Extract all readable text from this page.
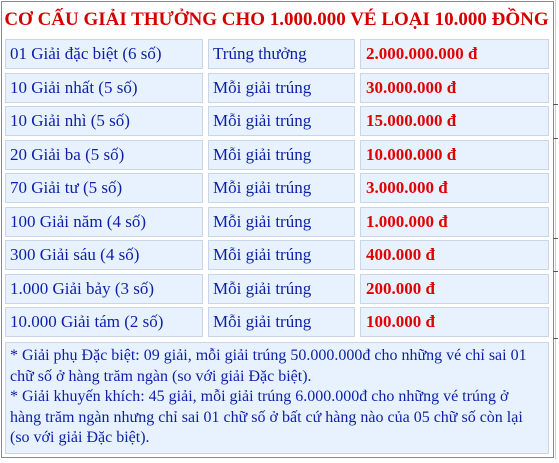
CƠ CẤU GIẢI THƯỞNG CHO 1.000.000 VÉ LOẠI 10.000 ĐỒNG
01 Giải đặc biệt (6 số)	Trúng thưởng	2.000.000.000 đ
10 Giải nhất (5 số)	Mỗi giải trúng	30.000.000 đ
10 Giải nhì (5 số)	Mỗi giải trúng	15.000.000 đ
20 Giải ba (5 số)	Mỗi giải trúng	10.000.000 đ
70 Giải tư (5 số)	Mỗi giải trúng	3.000.000 đ
100 Giải năm (4 số)	Mỗi giải trúng	1.000.000 đ
300 Giải sáu (4 số)	Mỗi giải trúng	400.000 đ
1.000 Giải bảy (3 số)	Mỗi giải trúng	200.000 đ
10.000 Giải tám (2 số)	Mỗi giải trúng	100.000 đ

* Giải phụ Đặc biệt: 09 giải, mỗi giải trúng 50.000.000đ cho những vé chỉ sai 01 chữ số ở hàng trăm ngàn (so với giải Đặc biệt).

* Giải khuyến khích: 45 giải, mỗi giải trúng 6.000.000đ cho những vé trúng ở hàng trăm ngàn nhưng chỉ sai 01 chữ số ở bất cứ hàng nào của 05 chữ số còn lại (so với giải Đặc biệt).
